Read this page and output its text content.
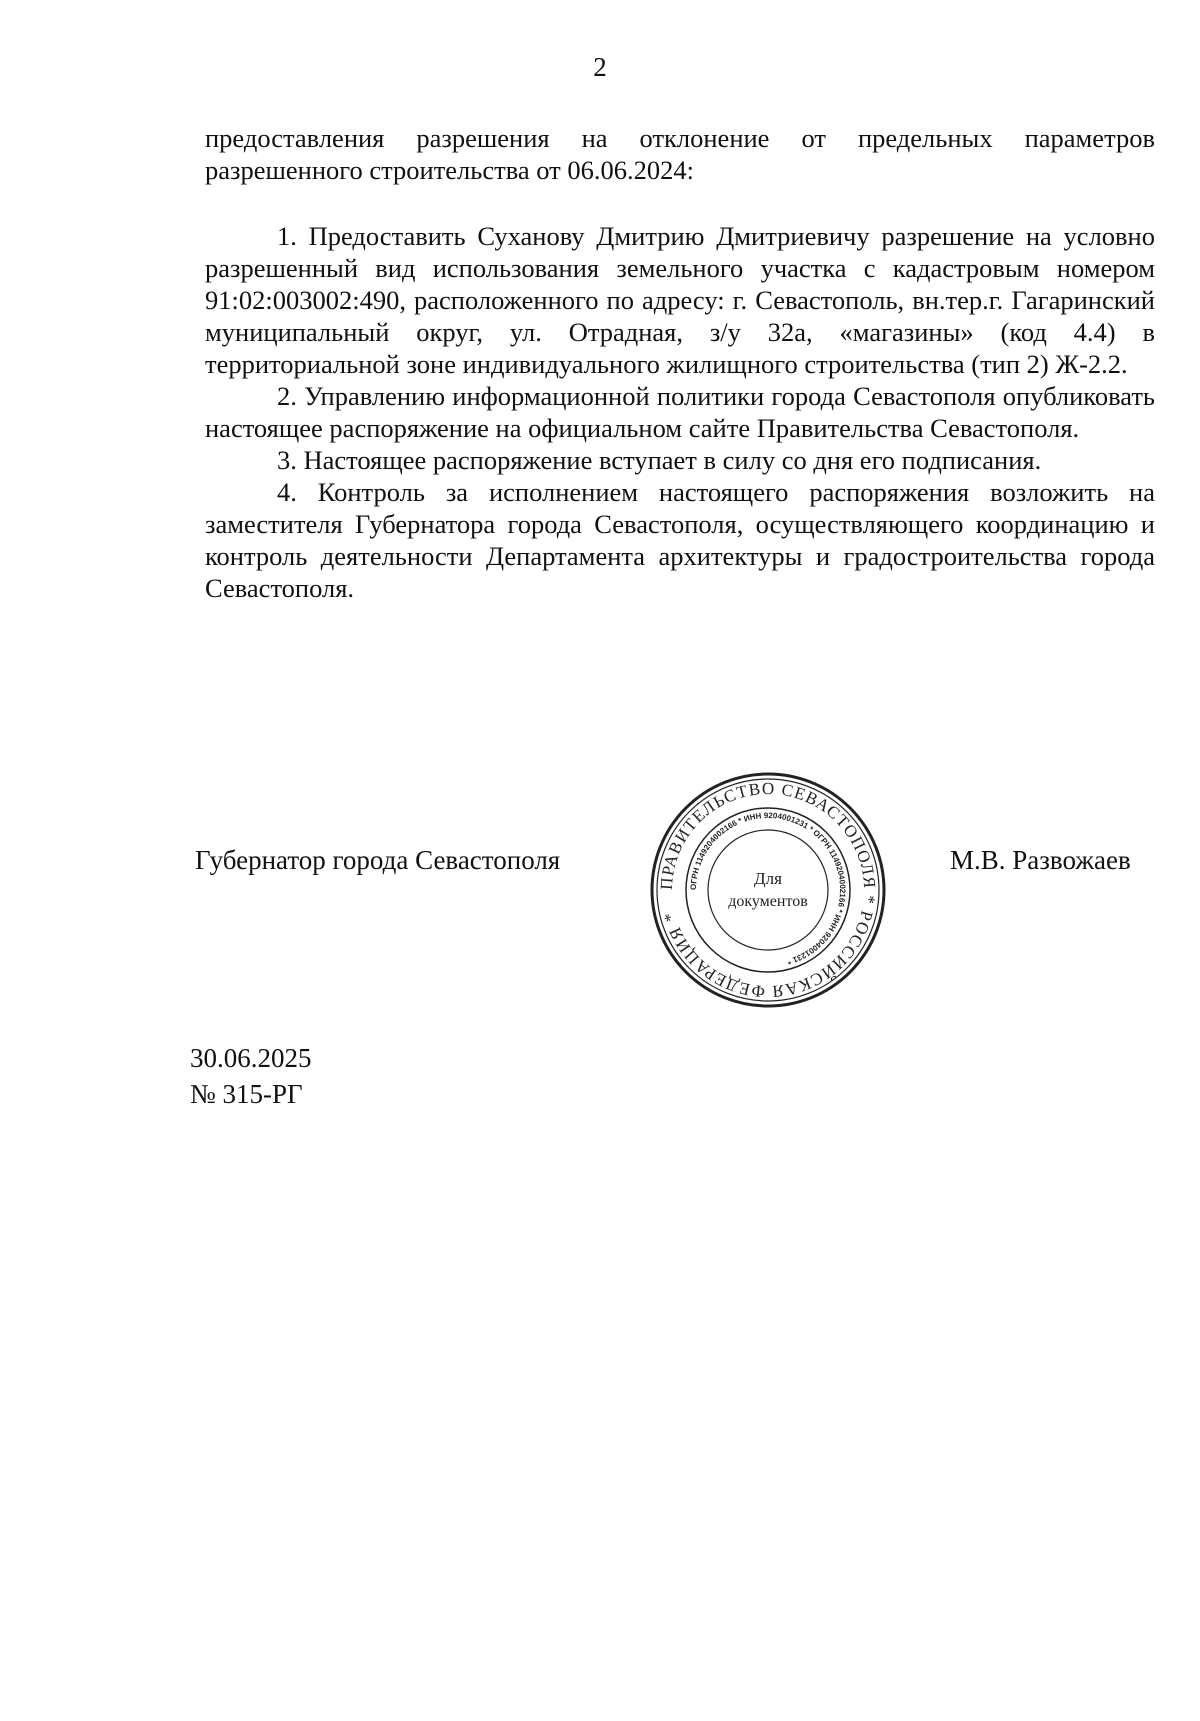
2
предоставления разрешения на отклонение от предельных параметров разрешенного строительства от 06.06.2024:

1. Предоставить Суханову Дмитрию Дмитриевичу разрешение на условно разрешенный вид использования земельного участка с кадастровым номером 91:02:003002:490, расположенного по адресу: г. Севастополь, вн.тер.г. Гагаринский муниципальный округ, ул. Отрадная, з/у 32а, «магазины» (код 4.4) в территориальной зоне индивидуального жилищного строительства (тип 2) Ж-2.2.

2. Управлению информационной политики города Севастополя опубликовать настоящее распоряжение на официальном сайте Правительства Севастополя.

3. Настоящее распоряжение вступает в силу со дня его подписания.

4. Контроль за исполнением настоящего распоряжения возложить на заместителя Губернатора города Севастополя, осуществляющего координацию и контроль деятельности Департамента архитектуры и градостроительства города Севастополя.

Губернатор города Севастополя
ПРАВИТЕЛЬСТВО СЕВАСТОПОЛЯ * РОССИЙСКАЯ ФЕДЕРАЦИЯ *
ОГРН 1149204002166 * ИНН 9204001231 * ОГРН 1149204002166 * ИНН 9204001231 *
Для
документов
М.В. Развожаев
30.06.2025
№ 315-РГ
